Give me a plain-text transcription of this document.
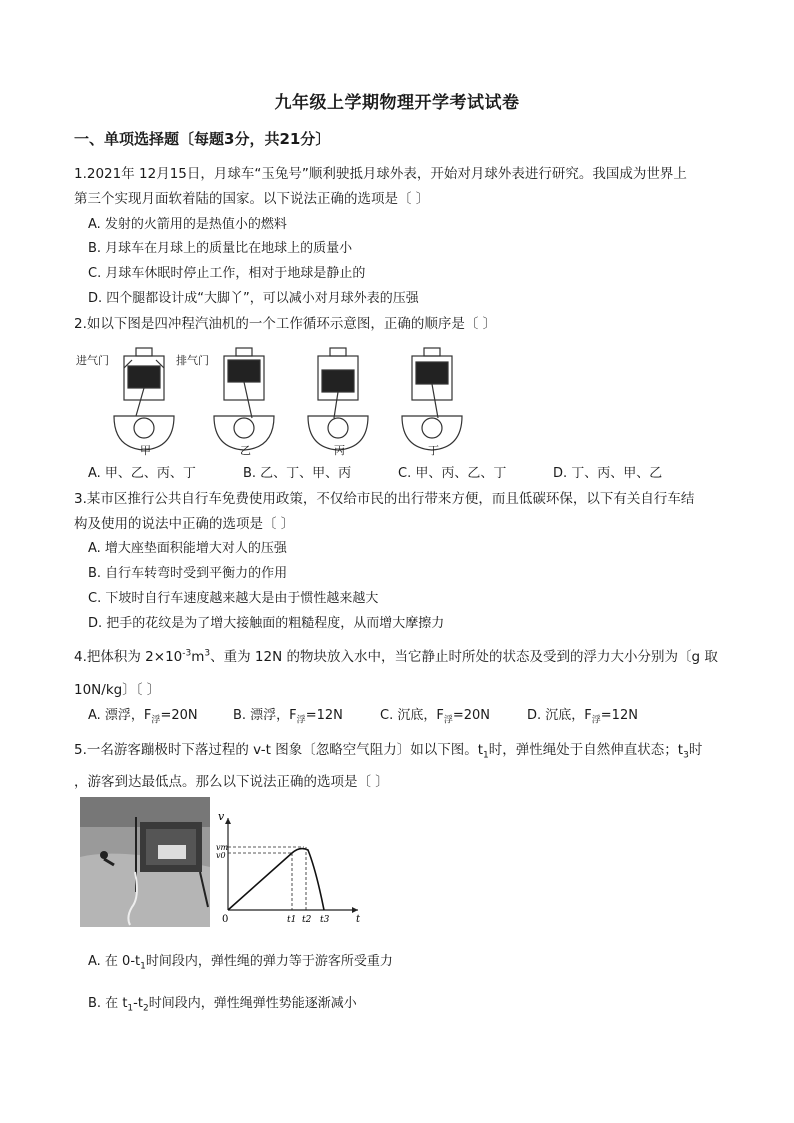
九年级上学期物理开学考试试卷
一、单项选择题〔每题3分，共21分〕
1.2021年 12月15日，月球车“玉兔号”顺利驶抵月球外表，开始对月球外表进行研究。我国成为世界上
第三个实现月面软着陆的国家。以下说法正确的选项是〔 〕
A. 发射的火箭用的是热值小的燃料
B. 月球车在月球上的质量比在地球上的质量小
C. 月球车休眠时停止工作，相对于地球是静止的
D. 四个腿都设计成“大脚丫”，可以减小对月球外表的压强
2.如以下图是四冲程汽油机的一个工作循环示意图，正确的顺序是〔 〕
进气门	排气门
甲	乙	丙	丁
A. 甲、乙、丙、丁	B. 乙、丁、甲、丙	C. 甲、丙、乙、丁	D. 丁、丙、甲、乙
3.某市区推行公共自行车免费使用政策，不仅给市民的出行带来方便，而且低碳环保，以下有关自行车结
构及使用的说法中正确的选项是〔 〕
A. 增大座垫面积能增大对人的压强
B. 自行车转弯时受到平衡力的作用
C. 下坡时自行车速度越来越大是由于惯性越来越大
D. 把手的花纹是为了增大接触面的粗糙程度，从而增大摩擦力
4.把体积为 $2\times 10^{-3}m^3$、重为 12N 的物块放入水中，当它静止时所处的状态及受到的浮力大小分别为〔g 取
10N/kg〕〔 〕
A. 漂浮，$F_浮=20N$	B. 漂浮，$F_浮=12N$	C. 沉底，$F_浮=20N$	D. 沉底，$F_浮=12N$
5.一名游客蹦极时下落过程的 v-t 图象〔忽略空气阻力〕如以下图。$t_1$时，弹性绳处于自然伸直状态；$t_3$时
，游客到达最低点。那么以下说法正确的选项是〔 〕
v
vm
v0
0	t
t1 t2 t3
A. 在 $0-t_1$时间段内，弹性绳的弹力等于游客所受重力
B. 在 $t_1-t_2$时间段内，弹性绳弹性势能逐渐减小
